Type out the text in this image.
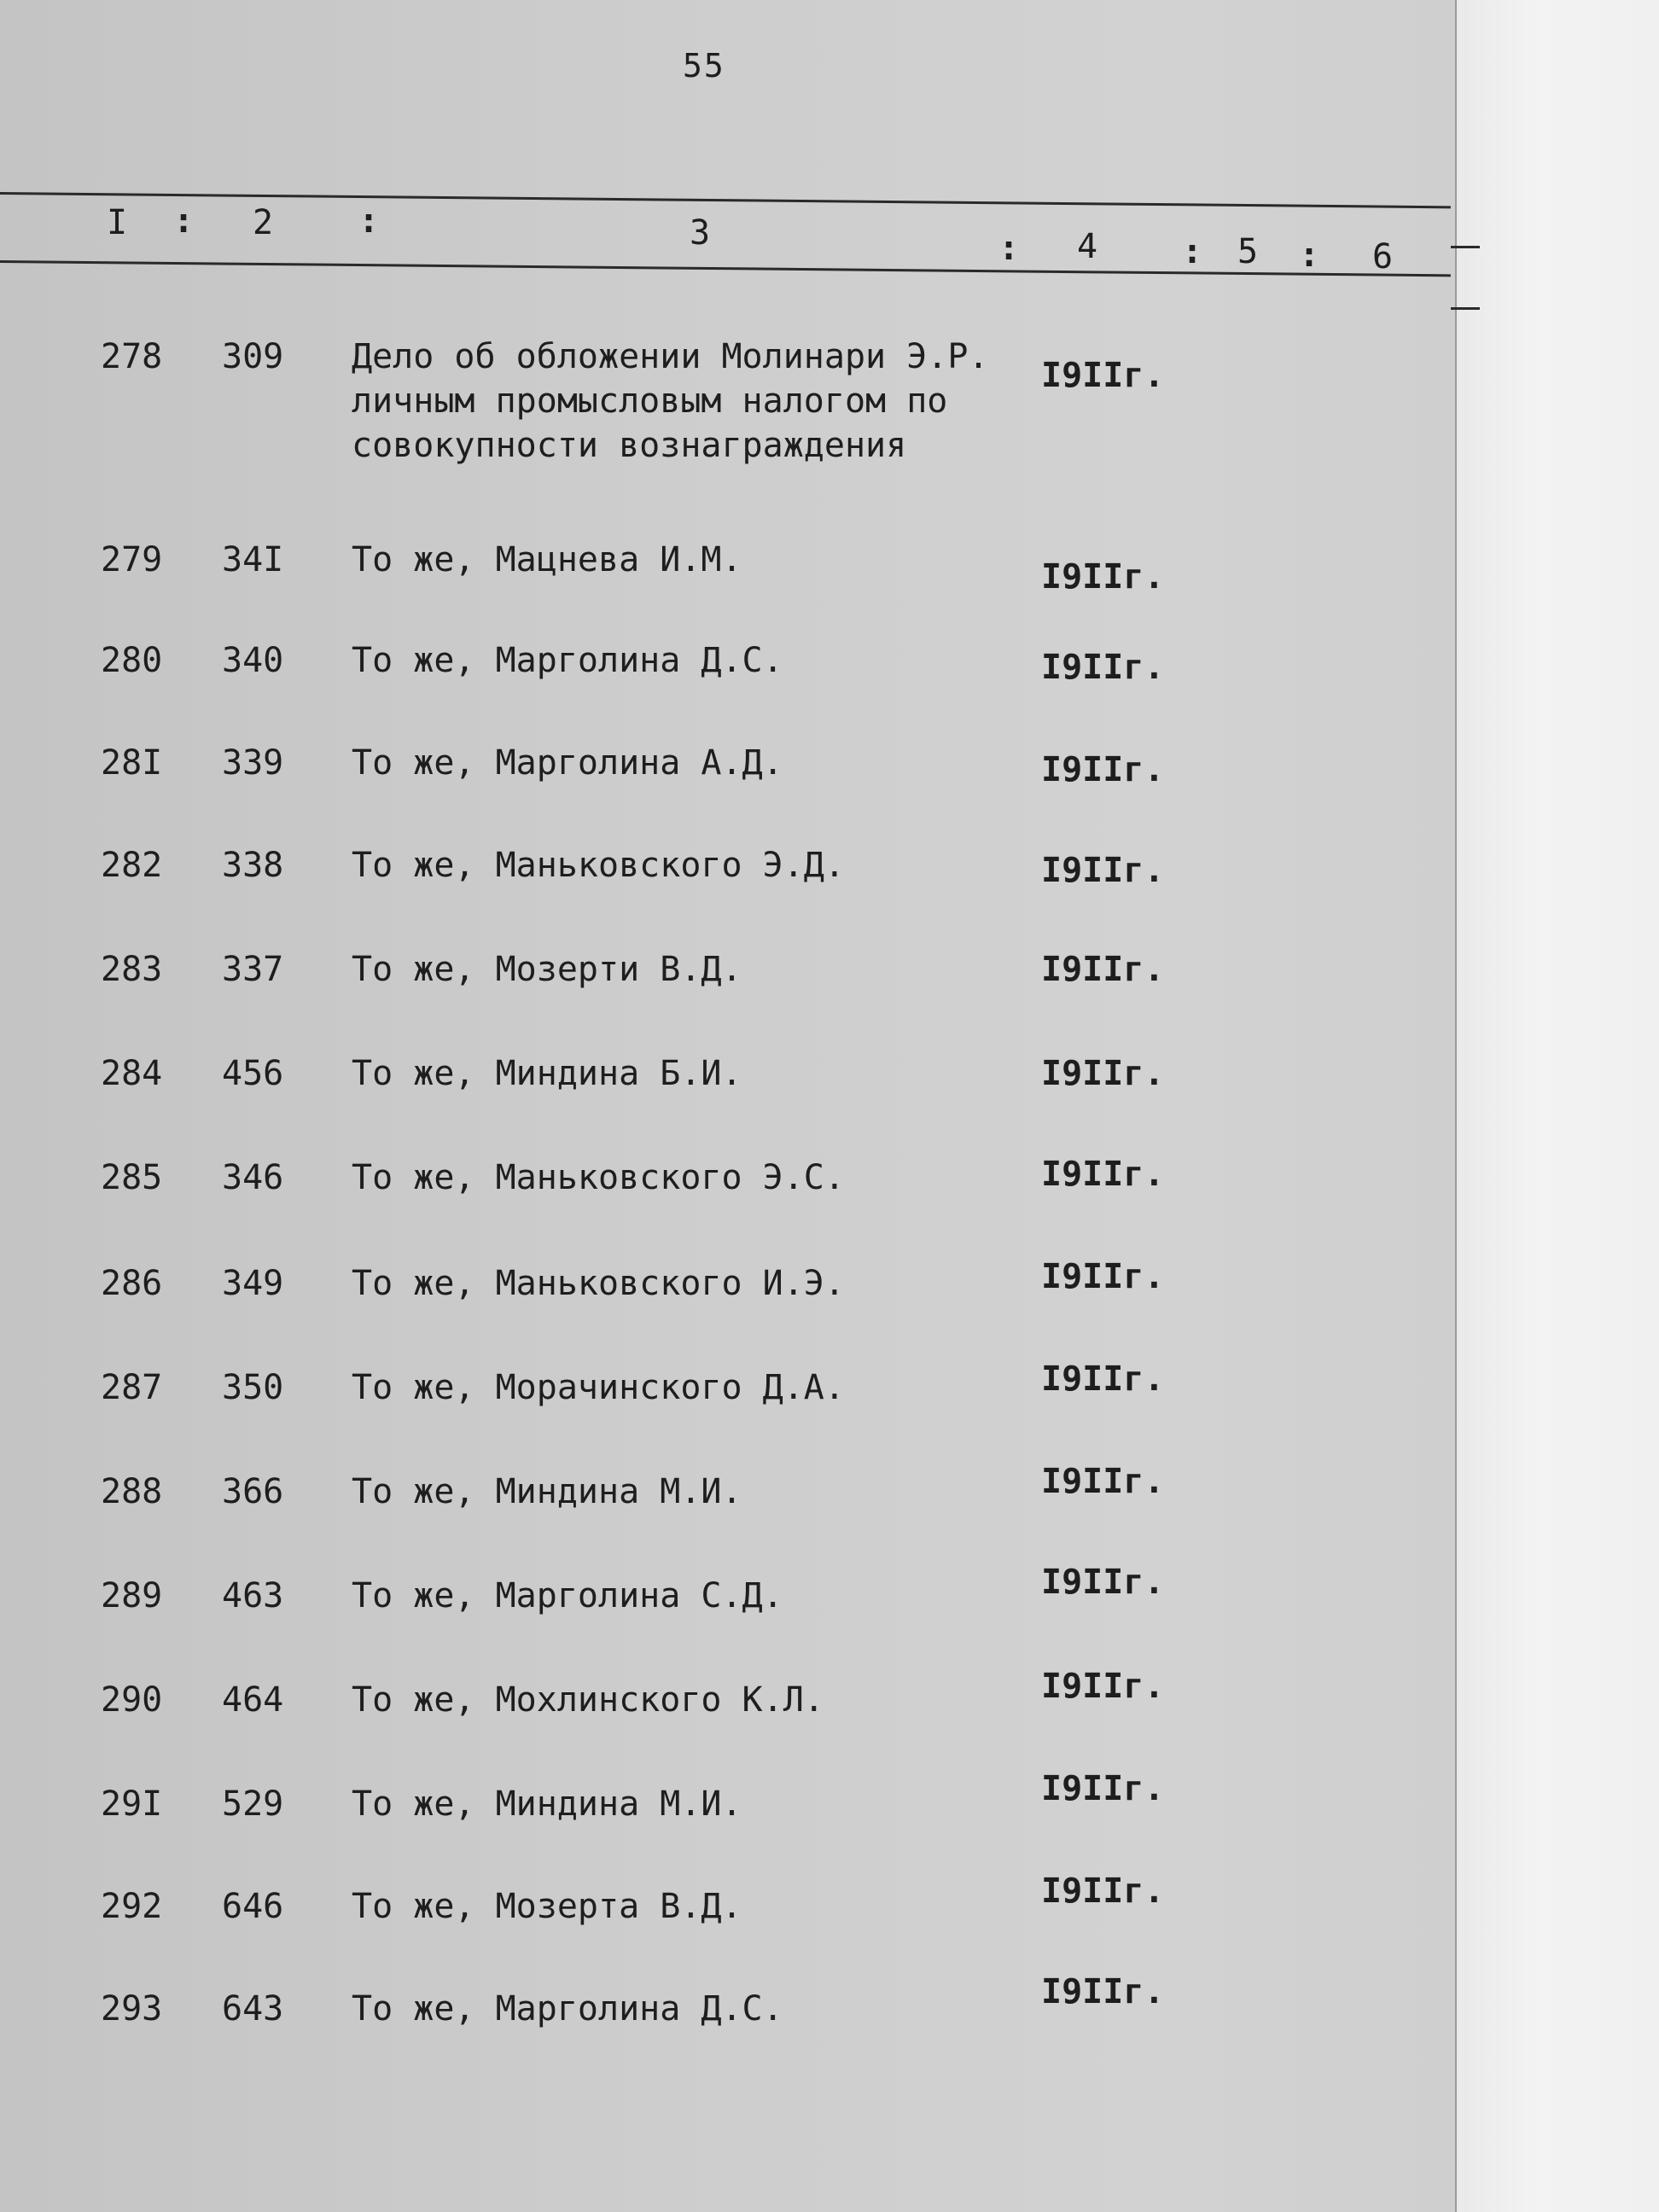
55
I : 2 :	3	: 4 : 5 : 6
278	309	Дело об обложении Молинари Э.Р.
личным промысловым налогом по
совокупности вознаграждения
I9IIг.
279	34I	То же, Мацнева И.М.	I9IIг.
280	340	То же, Марголина Д.С.	I9IIг.
28I	339	То же, Марголина А.Д.	I9IIг.
282	338	То же, Маньковского Э.Д.	I9IIг.
283	337	То же, Мозерти В.Д.	I9IIг.
284	456	То же, Миндина Б.И.	I9IIг.
285	346	То же, Маньковского Э.С.	I9IIг.
286	349	То же, Маньковского И.Э.	I9IIг.
287	350	То же, Морачинского Д.А.	I9IIг.
288	366	То же, Миндина М.И.	I9IIг.
289	463	То же, Марголина С.Д.	I9IIг.
290	464	То же, Мохлинского К.Л.	I9IIг.
29I	529	То же, Миндина М.И.	I9IIг.
292	646	То же, Мозерта В.Д.	I9IIг.
293	643	То же, Марголина Д.С.	I9IIг.
